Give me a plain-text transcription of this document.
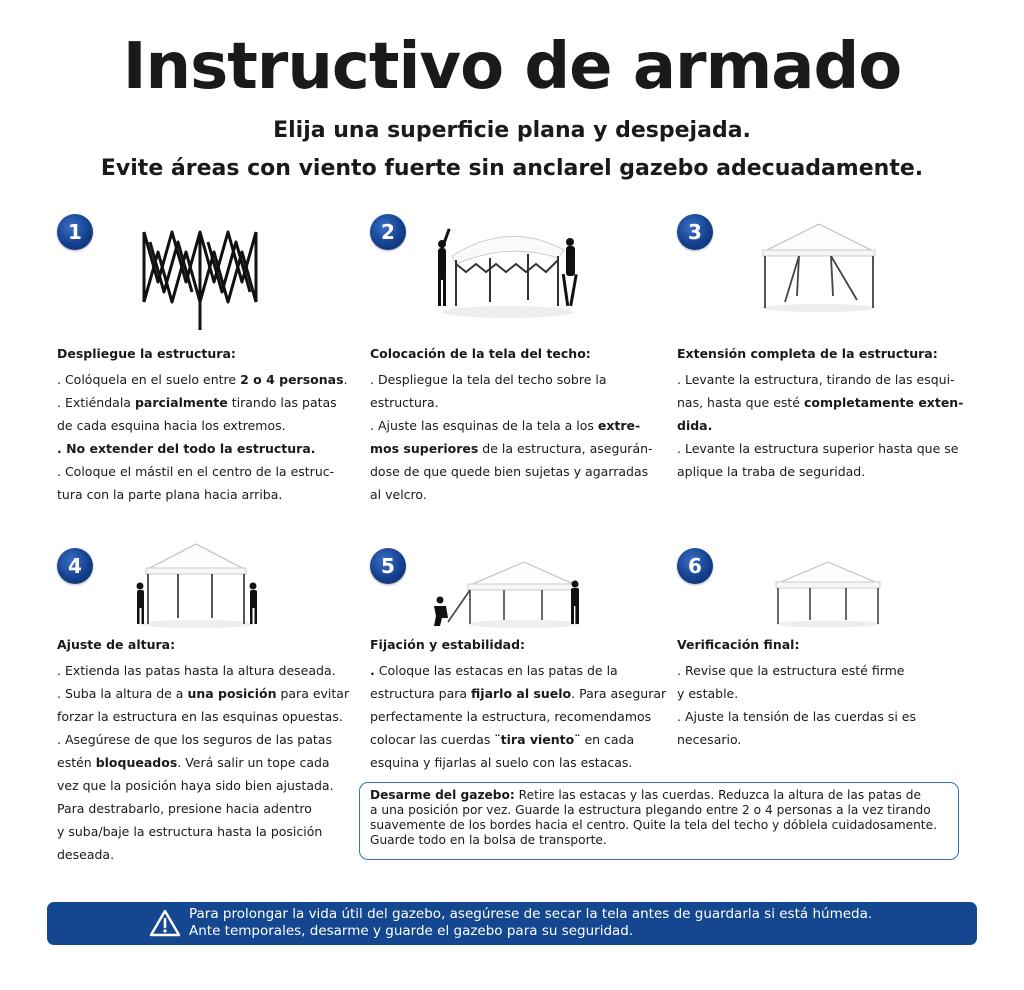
Instructivo de armado
Elija una superficie plana y despejada.
Evite áreas con viento fuerte sin anclarel gazebo adecuadamente.
1
Despliegue la estructura:
. Colóquela en el suelo entre 2 o 4 personas.
. Extiéndala parcialmente tirando las patas
de cada esquina hacia los extremos.
. No extender del todo la estructura.
. Coloque el mástil en el centro de la estruc-
tura con la parte plana hacia arriba.
2
Colocación de la tela del techo:
. Despliegue la tela del techo sobre la
estructura.
. Ajuste las esquinas de la tela a los extre-
mos superiores de la estructura, asegurán-
dose de que quede bien sujetas y agarradas
al velcro.
3
Extensión completa de la estructura:
. Levante la estructura, tirando de las esqui-
nas, hasta que esté completamente exten-
dida.
. Levante la estructura superior hasta que se
aplique la traba de seguridad.
4
Ajuste de altura:
. Extienda las patas hasta la altura deseada.
. Suba la altura de a una posición para evitar
forzar la estructura en las esquinas opuestas.
. Asegúrese de que los seguros de las patas
estén bloqueados. Verá salir un tope cada
vez que la posición haya sido bien ajustada.
Para destrabarlo, presione hacia adentro
y suba/baje la estructura hasta la posición
deseada.
5
Fijación y estabilidad:
. Coloque las estacas en las patas de la
estructura para fijarlo al suelo. Para asegurar
perfectamente la estructura, recomendamos
colocar las cuerdas ¨tira viento¨ en cada
esquina y fijarlas al suelo con las estacas.
6
Verificación final:
. Revise que la estructura esté firme
y estable.
. Ajuste la tensión de las cuerdas si es
necesario.
Desarme del gazebo: Retire las estacas y las cuerdas. Reduzca la altura de las patas de
a una posición por vez. Guarde la estructura plegando entre 2 o 4 personas a la vez tirando
suavemente de los bordes hacia el centro. Quite la tela del techo y dóblela cuidadosamente.
Guarde todo en la bolsa de transporte.
Para prolongar la vida útil del gazebo, asegúrese de secar la tela antes de guardarla si está húmeda.
Ante temporales, desarme y guarde el gazebo para su seguridad.
